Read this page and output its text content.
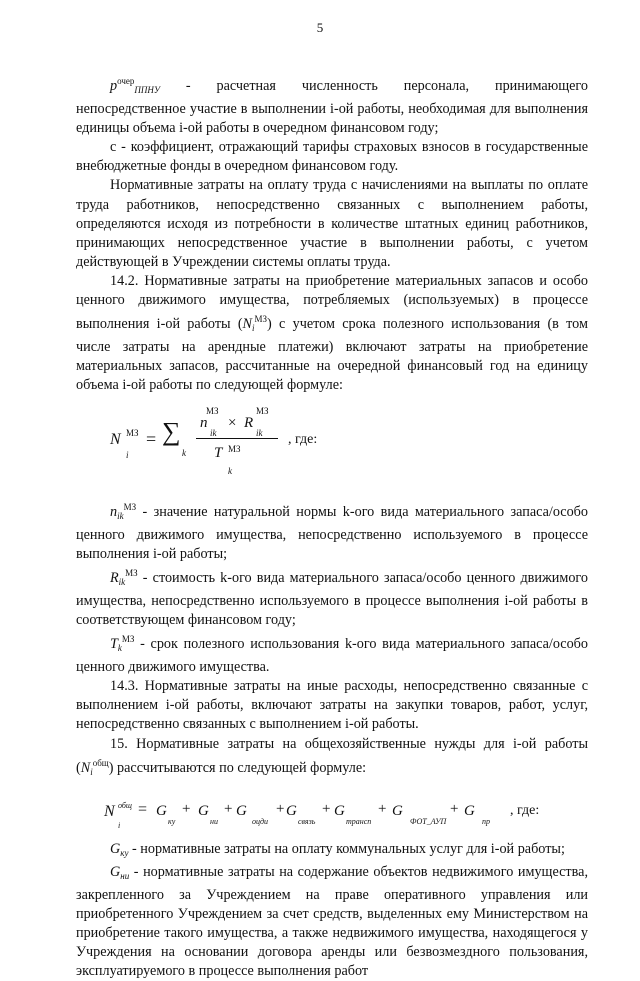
5

$p^{очер}_{ППНУ}$ - расчетная численность персонала, принимающего непосредственное участие в выполнении i-ой работы, необходимая для выполнения единицы объема i-ой работы в очередном финансовом году;

c - коэффициент, отражающий тарифы страховых взносов в государственные внебюджетные фонды в очередном финансовом году.

Нормативные затраты на оплату труда с начислениями на выплаты по оплате труда работников, непосредственно связанных с выполнением работы, определяются исходя из потребности в количестве штатных единиц работников, принимающих непосредственное участие в выполнении работы, с учетом действующей в Учреждении системы оплаты труда.

14.2. Нормативные затраты на приобретение материальных запасов и особо ценного движимого имущества, потребляемых (используемых) в процессе выполнения i-ой работы $(N_i^{МЗ})$ с учетом срока полезного использования (в том числе затраты на арендные платежи) включают затраты на приобретение материальных запасов, рассчитанные на очередной финансовый год на единицу объема i-ой работы по следующей формуле:

N МЗ
i
= ∑
k
n
МЗ
ik
× R
МЗ
ik
T МЗ
k
, где:

$n_{ik}^{МЗ}$ - значение натуральной нормы k-ого вида материального запаса/особо ценного движимого имущества, непосредственно используемого в процессе выполнения i-ой работы;

$R_{ik}^{МЗ}$ - стоимость k-ого вида материального запаса/особо ценного движимого имущества, непосредственно используемого в процессе выполнения i-ой работы в соответствующем финансовом году;

$T_k^{МЗ}$ - срок полезного использования k-ого вида материального запаса/особо ценного движимого имущества.

14.3. Нормативные затраты на иные расходы, непосредственно связанные с выполнением i-ой работы, включают затраты на закупки товаров, работ, услуг, непосредственно связанных с выполнением i-ой работы.

15. Нормативные затраты на общехозяйственные нужды для i-ой работы $(N_i^{общ})$ рассчитываются по следующей формуле:

N общ
i
= G
ку
+ G
ни
+ G
оцди
+ G
связь
+ G
трансп
+ G
ФОТ_АУП
+ G
пр
, где:

$G_{ку}$ - нормативные затраты на оплату коммунальных услуг для i-ой работы;

$G_{ни}$ - нормативные затраты на содержание объектов недвижимого имущества, закрепленного за Учреждением на праве оперативного управления или приобретенного Учреждением за счет средств, выделенных ему Министерством на приобретение такого имущества, а также недвижимого имущества, находящегося у Учреждения на основании договора аренды или безвозмездного пользования, эксплуатируемого в процессе выполнения работ
